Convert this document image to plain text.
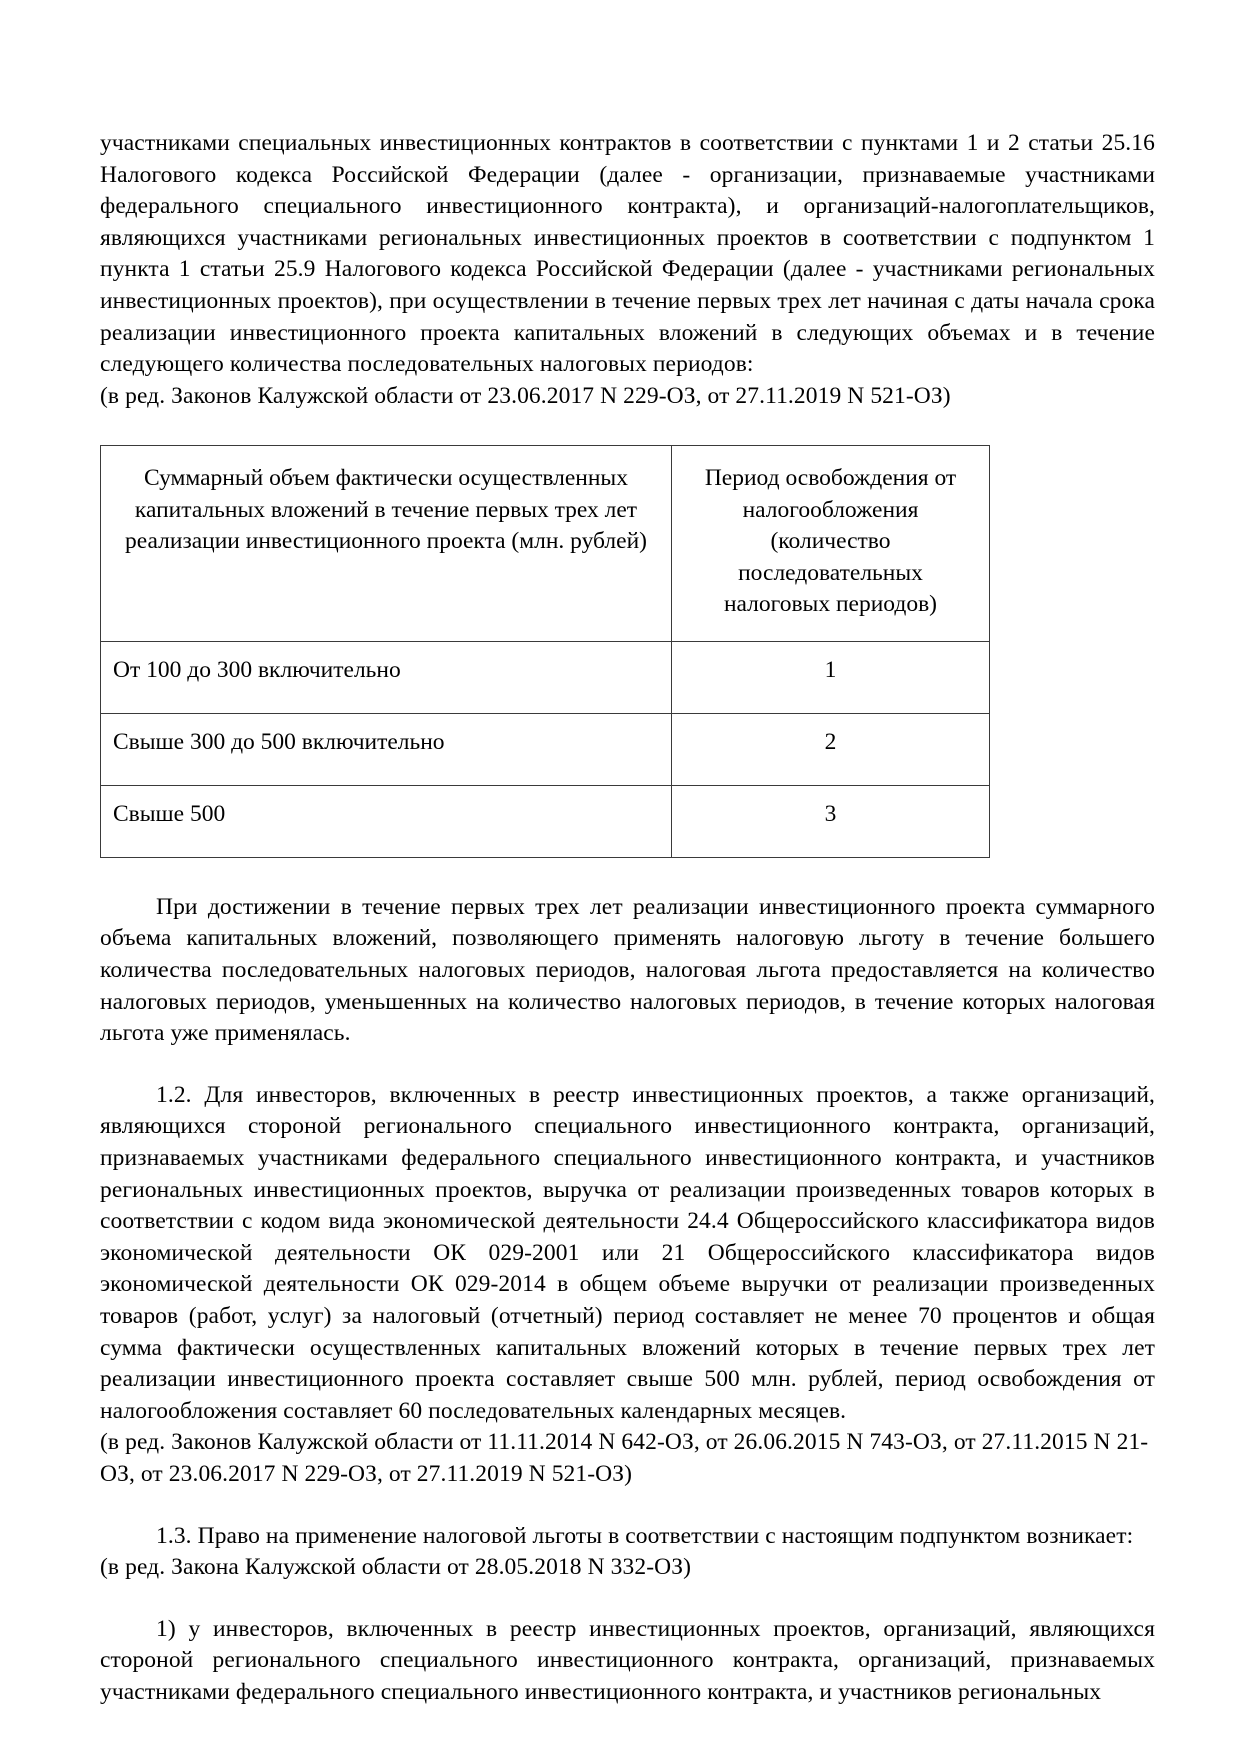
участниками специальных инвестиционных контрактов в соответствии с пунктами 1 и 2 статьи 25.16 Налогового кодекса Российской Федерации (далее - организации, признаваемые участниками федерального специального инвестиционного контракта), и организаций-налогоплательщиков, являющихся участниками региональных инвестиционных проектов в соответствии с подпунктом 1 пункта 1 статьи 25.9 Налогового кодекса Российской Федерации (далее - участниками региональных инвестиционных проектов), при осуществлении в течение первых трех лет начиная с даты начала срока реализации инвестиционного проекта капитальных вложений в следующих объемах и в течение следующего количества последовательных налоговых периодов:

(в ред. Законов Калужской области от 23.06.2017 N 229-ОЗ, от 27.11.2019 N 521-ОЗ)

Суммарный объем фактически осуществленных капитальных вложений в течение первых трех лет реализации инвестиционного проекта (млн. рублей)	Период освобождения от налогообложения (количество последовательных налоговых периодов)
От 100 до 300 включительно	1
Свыше 300 до 500 включительно	2
Свыше 500	3

При достижении в течение первых трех лет реализации инвестиционного проекта суммарного объема капитальных вложений, позволяющего применять налоговую льготу в течение большего количества последовательных налоговых периодов, налоговая льгота предоставляется на количество налоговых периодов, уменьшенных на количество налоговых периодов, в течение которых налоговая льгота уже применялась.

1.2. Для инвесторов, включенных в реестр инвестиционных проектов, а также организаций, являющихся стороной регионального специального инвестиционного контракта, организаций, признаваемых участниками федерального специального инвестиционного контракта, и участников региональных инвестиционных проектов, выручка от реализации произведенных товаров которых в соответствии с кодом вида экономической деятельности 24.4 Общероссийского классификатора видов экономической деятельности ОК 029-2001 или 21 Общероссийского классификатора видов экономической деятельности ОК 029-2014 в общем объеме выручки от реализации произведенных товаров (работ, услуг) за налоговый (отчетный) период составляет не менее 70 процентов и общая сумма фактически осуществленных капитальных вложений которых в течение первых трех лет реализации инвестиционного проекта составляет свыше 500 млн. рублей, период освобождения от налогообложения составляет 60 последовательных календарных месяцев.

(в ред. Законов Калужской области от 11.11.2014 N 642-ОЗ, от 26.06.2015 N 743-ОЗ, от 27.11.2015 N 21-ОЗ, от 23.06.2017 N 229-ОЗ, от 27.11.2019 N 521-ОЗ)

1.3. Право на применение налоговой льготы в соответствии с настоящим подпунктом возникает:

(в ред. Закона Калужской области от 28.05.2018 N 332-ОЗ)

1) у инвесторов, включенных в реестр инвестиционных проектов, организаций, являющихся стороной регионального специального инвестиционного контракта, организаций, признаваемых участниками федерального специального инвестиционного контракта, и участников региональных
